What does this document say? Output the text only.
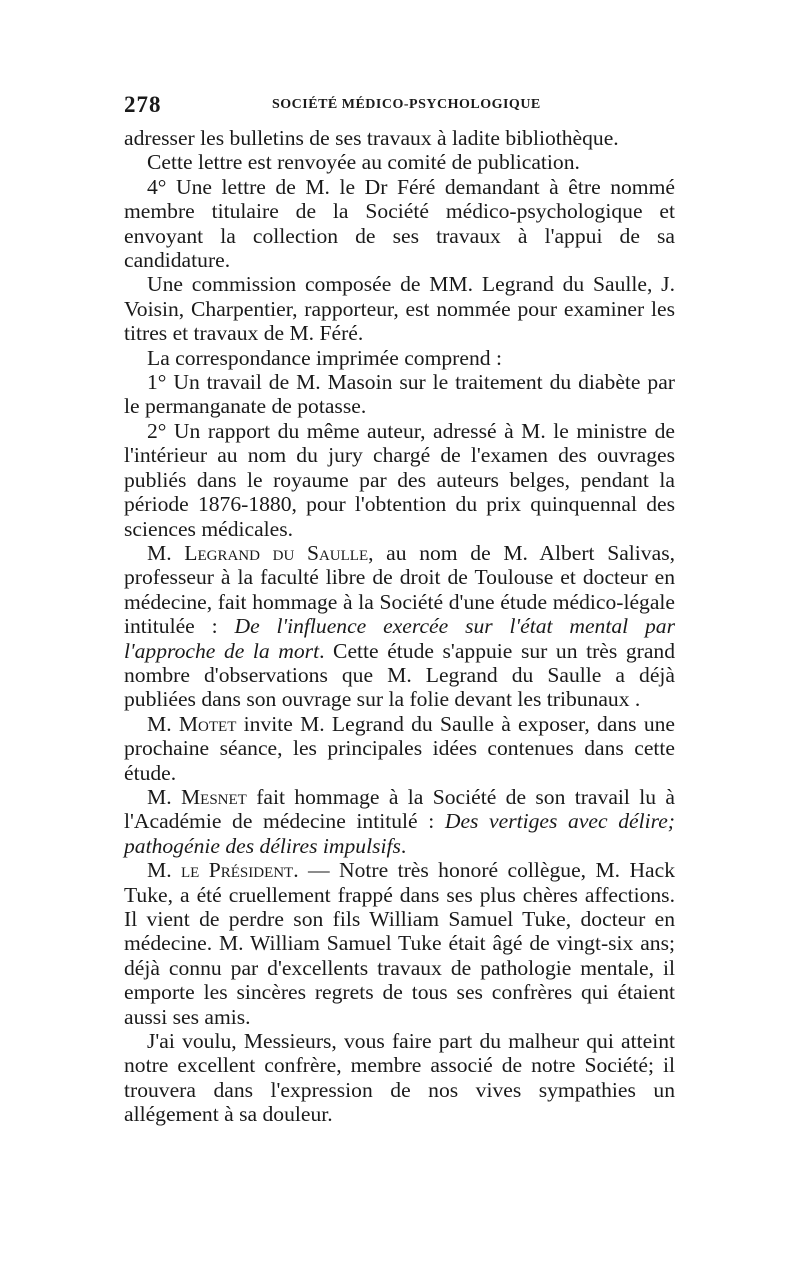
278	SOCIÉTÉ MÉDICO-PSYCHOLOGIQUE

adresser les bulletins de ses travaux à ladite bibliothèque.

Cette lettre est renvoyée au comité de publication.

4° Une lettre de M. le Dr Féré demandant à être nommé membre titulaire de la Société médico-psychologique et envoyant la collection de ses travaux à l'appui de sa candidature.

Une commission composée de MM. Legrand du Saulle, J. Voisin, Charpentier, rapporteur, est nommée pour examiner les titres et travaux de M. Féré.

La correspondance imprimée comprend :

1° Un travail de M. Masoin sur le traitement du diabète par le permanganate de potasse.

2° Un rapport du même auteur, adressé à M. le ministre de l'intérieur au nom du jury chargé de l'examen des ouvrages publiés dans le royaume par des auteurs belges, pendant la période 1876-1880, pour l'obtention du prix quinquennal des sciences médicales.

M. Legrand du Saulle, au nom de M. Albert Salivas, professeur à la faculté libre de droit de Toulouse et docteur en médecine, fait hommage à la Société d'une étude médico-légale intitulée : De l'influence exercée sur l'état mental par l'approche de la mort. Cette étude s'appuie sur un très grand nombre d'observations que M. Legrand du Saulle a déjà publiées dans son ouvrage sur la folie devant les tribunaux .

M. Motet invite M. Legrand du Saulle à exposer, dans une prochaine séance, les principales idées contenues dans cette étude.

M. Mesnet fait hommage à la Société de son travail lu à l'Académie de médecine intitulé : Des vertiges avec délire; pathogénie des délires impulsifs.

M. le Président. — Notre très honoré collègue, M. Hack Tuke, a été cruellement frappé dans ses plus chères affections. Il vient de perdre son fils William Samuel Tuke, docteur en médecine. M. William Samuel Tuke était âgé de vingt-six ans; déjà connu par d'excellents travaux de pathologie mentale, il emporte les sincères regrets de tous ses confrères qui étaient aussi ses amis.

J'ai voulu, Messieurs, vous faire part du malheur qui atteint notre excellent confrère, membre associé de notre Société; il trouvera dans l'expression de nos vives sympathies un allégement à sa douleur.
